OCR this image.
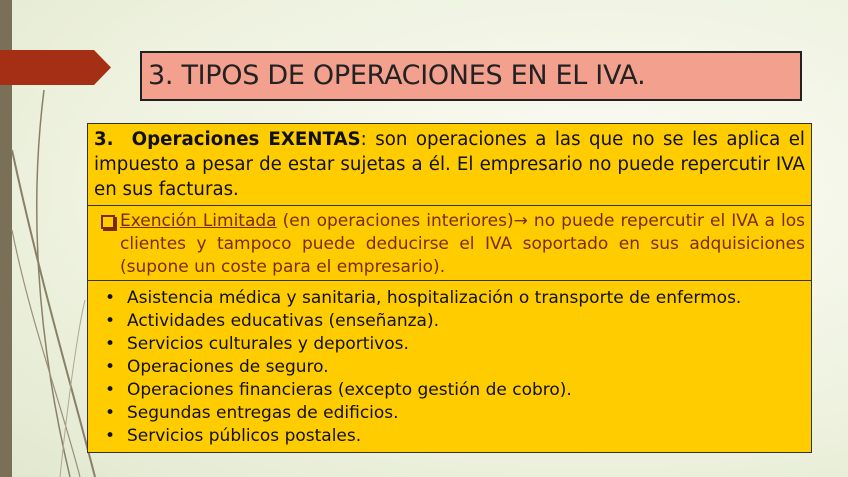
3. TIPOS DE OPERACIONES EN EL IVA.
3. Operaciones EXENTAS: son operaciones a las que no se les aplica el impuesto a pesar de estar sujetas a él. El empresario no puede repercutir IVA en sus facturas.
Exención Limitada (en operaciones interiores)→ no puede repercutir el IVA a los clientes y tampoco puede deducirse el IVA soportado en sus adquisiciones (supone un coste para el empresario).
• Asistencia médica y sanitaria, hospitalización o transporte de enfermos.
• Actividades educativas (enseñanza).
• Servicios culturales y deportivos.
• Operaciones de seguro.
• Operaciones financieras (excepto gestión de cobro).
• Segundas entregas de edificios.
• Servicios públicos postales.
